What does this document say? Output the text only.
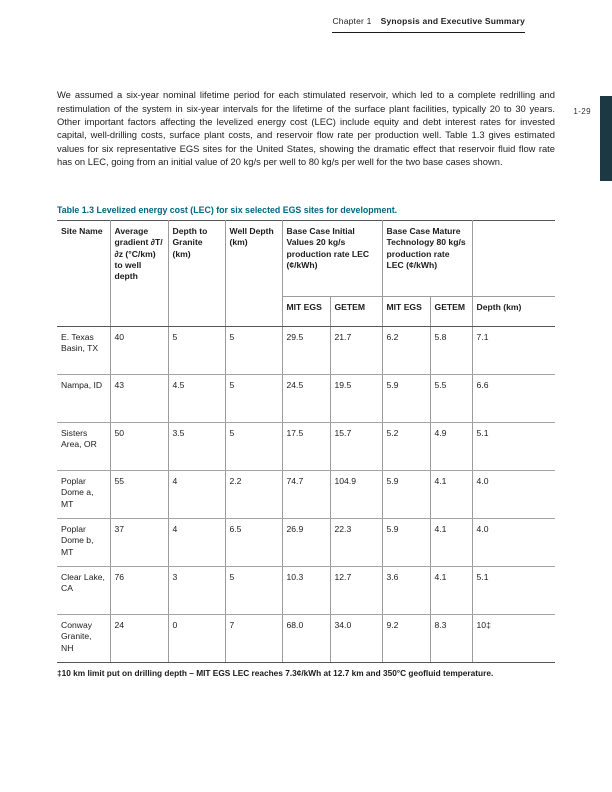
Chapter 1 Synopsis and Executive Summary
1-29

We assumed a six-year nominal lifetime period for each stimulated reservoir, which led to a complete redrilling and restimulation of the system in six-year intervals for the lifetime of the surface plant facilities, typically 20 to 30 years. Other important factors affecting the levelized energy cost (LEC) include equity and debt interest rates for invested capital, well-drilling costs, surface plant costs, and reservoir flow rate per production well. Table 1.3 gives estimated values for six representative EGS sites for the United States, showing the dramatic effect that reservoir fluid flow rate has on LEC, going from an initial value of 20 kg/s per well to 80 kg/s per well for the two base cases shown.

Table 1.3 Levelized energy cost (LEC) for six selected EGS sites for development.
Site Name	Average gradient ∂T/∂z (°C/km) to well depth	Depth to Granite (km)	Well Depth (km)	Base Case Initial Values 20 kg/s production rate LEC (¢/kWh)		Base Case Mature Technology 80 kg/s production rate LEC (¢/kWh)		
				MIT EGS	GETEM	MIT EGS	GETEM	Depth (km)
E. Texas Basin, TX	40	5	5	29.5	21.7	6.2	5.8	7.1
Nampa, ID	43	4.5	5	24.5	19.5	5.9	5.5	6.6
Sisters Area, OR	50	3.5	5	17.5	15.7	5.2	4.9	5.1
Poplar Dome a, MT	55	4	2.2	74.7	104.9	5.9	4.1	4.0
Poplar Dome b, MT	37	4	6.5	26.9	22.3	5.9	4.1	4.0
Clear Lake, CA	76	3	5	10.3	12.7	3.6	4.1	5.1
Conway Granite, NH	24	0	7	68.0	34.0	9.2	8.3	10‡
‡10 km limit put on drilling depth – MIT EGS LEC reaches 7.3¢/kWh at 12.7 km and 350°C geofluid temperature.
